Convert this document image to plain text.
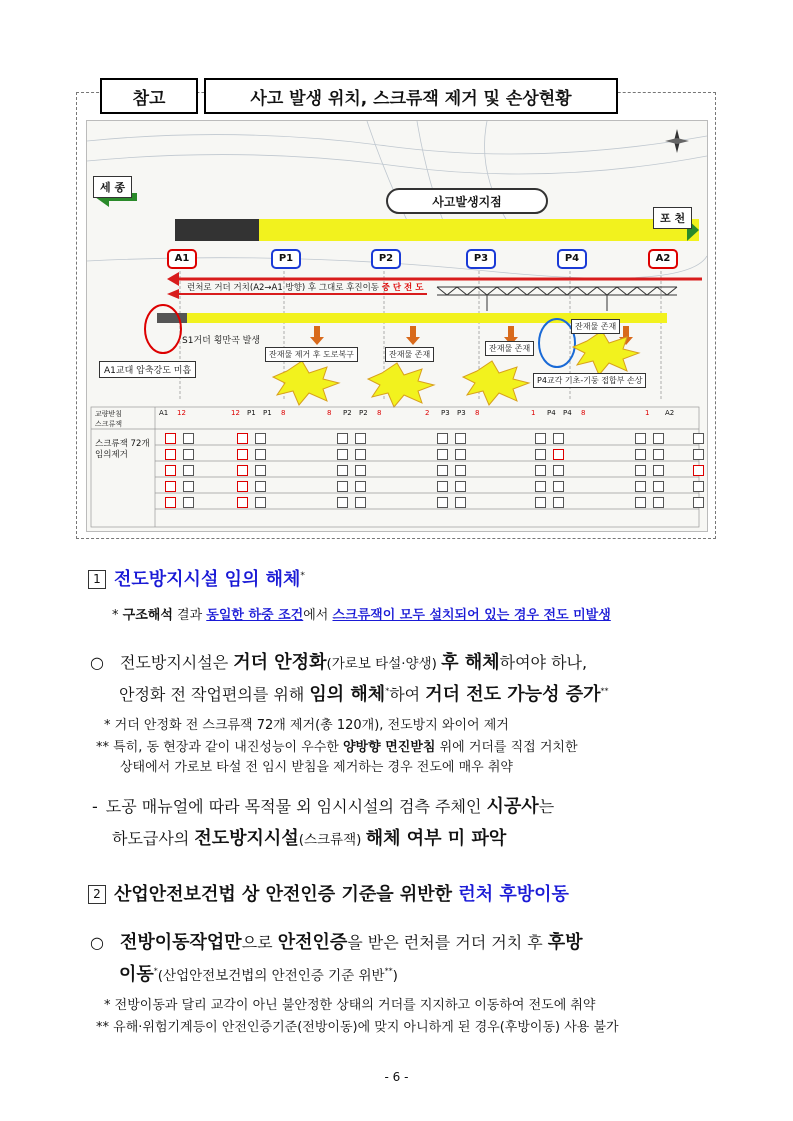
참고	사고 발생 위치, 스크류잭 제거 및 손상현황
세 종
포 천
사고발생지점
A1	P1	P2	P3	P4	A2
런처로 거더 거치(A2→A1 방향) 후 그대로 후진이동 중 단 전 도
S1거더 횡만곡 발생
A1교대 압축강도 미흡
잔재물 제거 후 도로복구	잔재물 존재
잔재물 존재
잔재물 존재
P4교각 기초-기둥 접합부 손상
교량받침
스크류잭
스크류잭 72개 임의제거
A1 12	12 P1 P1 8	8 P2 P2 8	2 P3 P3 8	1 P4 P4 8	1 A2
1 전도방지시설 임의 해체*
* 구조해석 결과 동일한 하중 조건에서 스크류잭이 모두 설치되어 있는 경우 전도 미발생
○ 전도방지시설은 거더 안정화(가로보 타설·양생) 후 해체하여야 하나,
안정화 전 작업편의를 위해 임의 해체*하여 거더 전도 가능성 증가**
* 거더 안정화 전 스크류잭 72개 제거(총 120개), 전도방지 와이어 제거
** 특히, 동 현장과 같이 내진성능이 우수한 양방향 면진받침 위에 거더를 직접 거치한
상태에서 가로보 타설 전 임시 받침을 제거하는 경우 전도에 매우 취약
- 도공 매뉴얼에 따라 목적물 외 임시시설의 검측 주체인 시공사는
하도급사의 전도방지시설(스크류잭) 해체 여부 미 파악
2 산업안전보건법 상 안전인증 기준을 위반한 런처 후방이동
○ 전방이동작업만으로 안전인증을 받은 런처를 거더 거치 후 후방
이동*(산업안전보건법의 안전인증 기준 위반**)
* 전방이동과 달리 교각이 아닌 불안정한 상태의 거더를 지지하고 이동하여 전도에 취약
** 유해·위험기계등이 안전인증기준(전방이동)에 맞지 아니하게 된 경우(후방이동) 사용 불가
- 6 -
